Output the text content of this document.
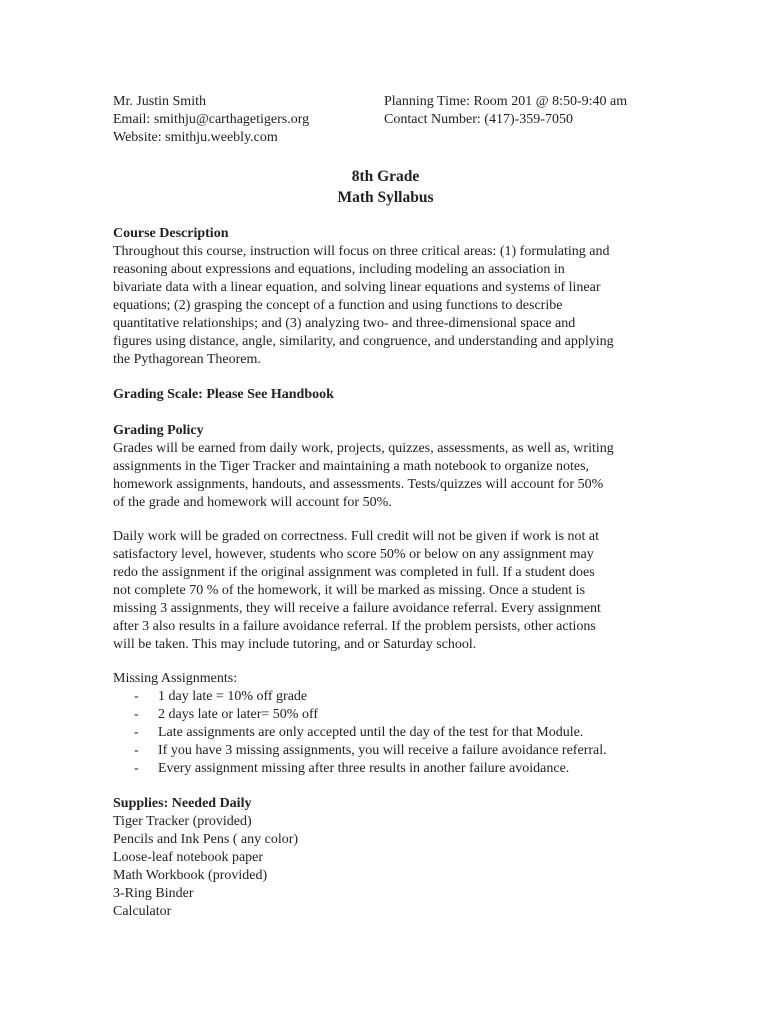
Mr. Justin Smith
Email: smithju@carthagetigers.org
Website: smithju.weebly.com
Planning Time: Room 201 @ 8:50-9:40 am
Contact Number: (417)-359-7050
8th Grade
Math Syllabus
Course Description
Throughout this course, instruction will focus on three critical areas: (1) formulating and
reasoning about expressions and equations, including modeling an association in
bivariate data with a linear equation, and solving linear equations and systems of linear
equations; (2) grasping the concept of a function and using functions to describe
quantitative relationships; and (3) analyzing two- and three-dimensional space and
figures using distance, angle, similarity, and congruence, and understanding and applying
the Pythagorean Theorem.
Grading Scale: Please See Handbook
Grading Policy
Grades will be earned from daily work, projects, quizzes, assessments, as well as, writing
assignments in the Tiger Tracker and maintaining a math notebook to organize notes,
homework assignments, handouts, and assessments. Tests/quizzes will account for 50%
of the grade and homework will account for 50%.
Daily work will be graded on correctness. Full credit will not be given if work is not at
satisfactory level, however, students who score 50% or below on any assignment may
redo the assignment if the original assignment was completed in full. If a student does
not complete 70 % of the homework, it will be marked as missing. Once a student is
missing 3 assignments, they will receive a failure avoidance referral. Every assignment
after 3 also results in a failure avoidance referral. If the problem persists, other actions
will be taken. This may include tutoring, and or Saturday school.
Missing Assignments:
- 1 day late = 10% off grade
- 2 days late or later= 50% off
- Late assignments are only accepted until the day of the test for that Module.
- If you have 3 missing assignments, you will receive a failure avoidance referral.
- Every assignment missing after three results in another failure avoidance.
Supplies: Needed Daily
Tiger Tracker (provided)
Pencils and Ink Pens ( any color)
Loose-leaf notebook paper
Math Workbook (provided)
3-Ring Binder
Calculator
